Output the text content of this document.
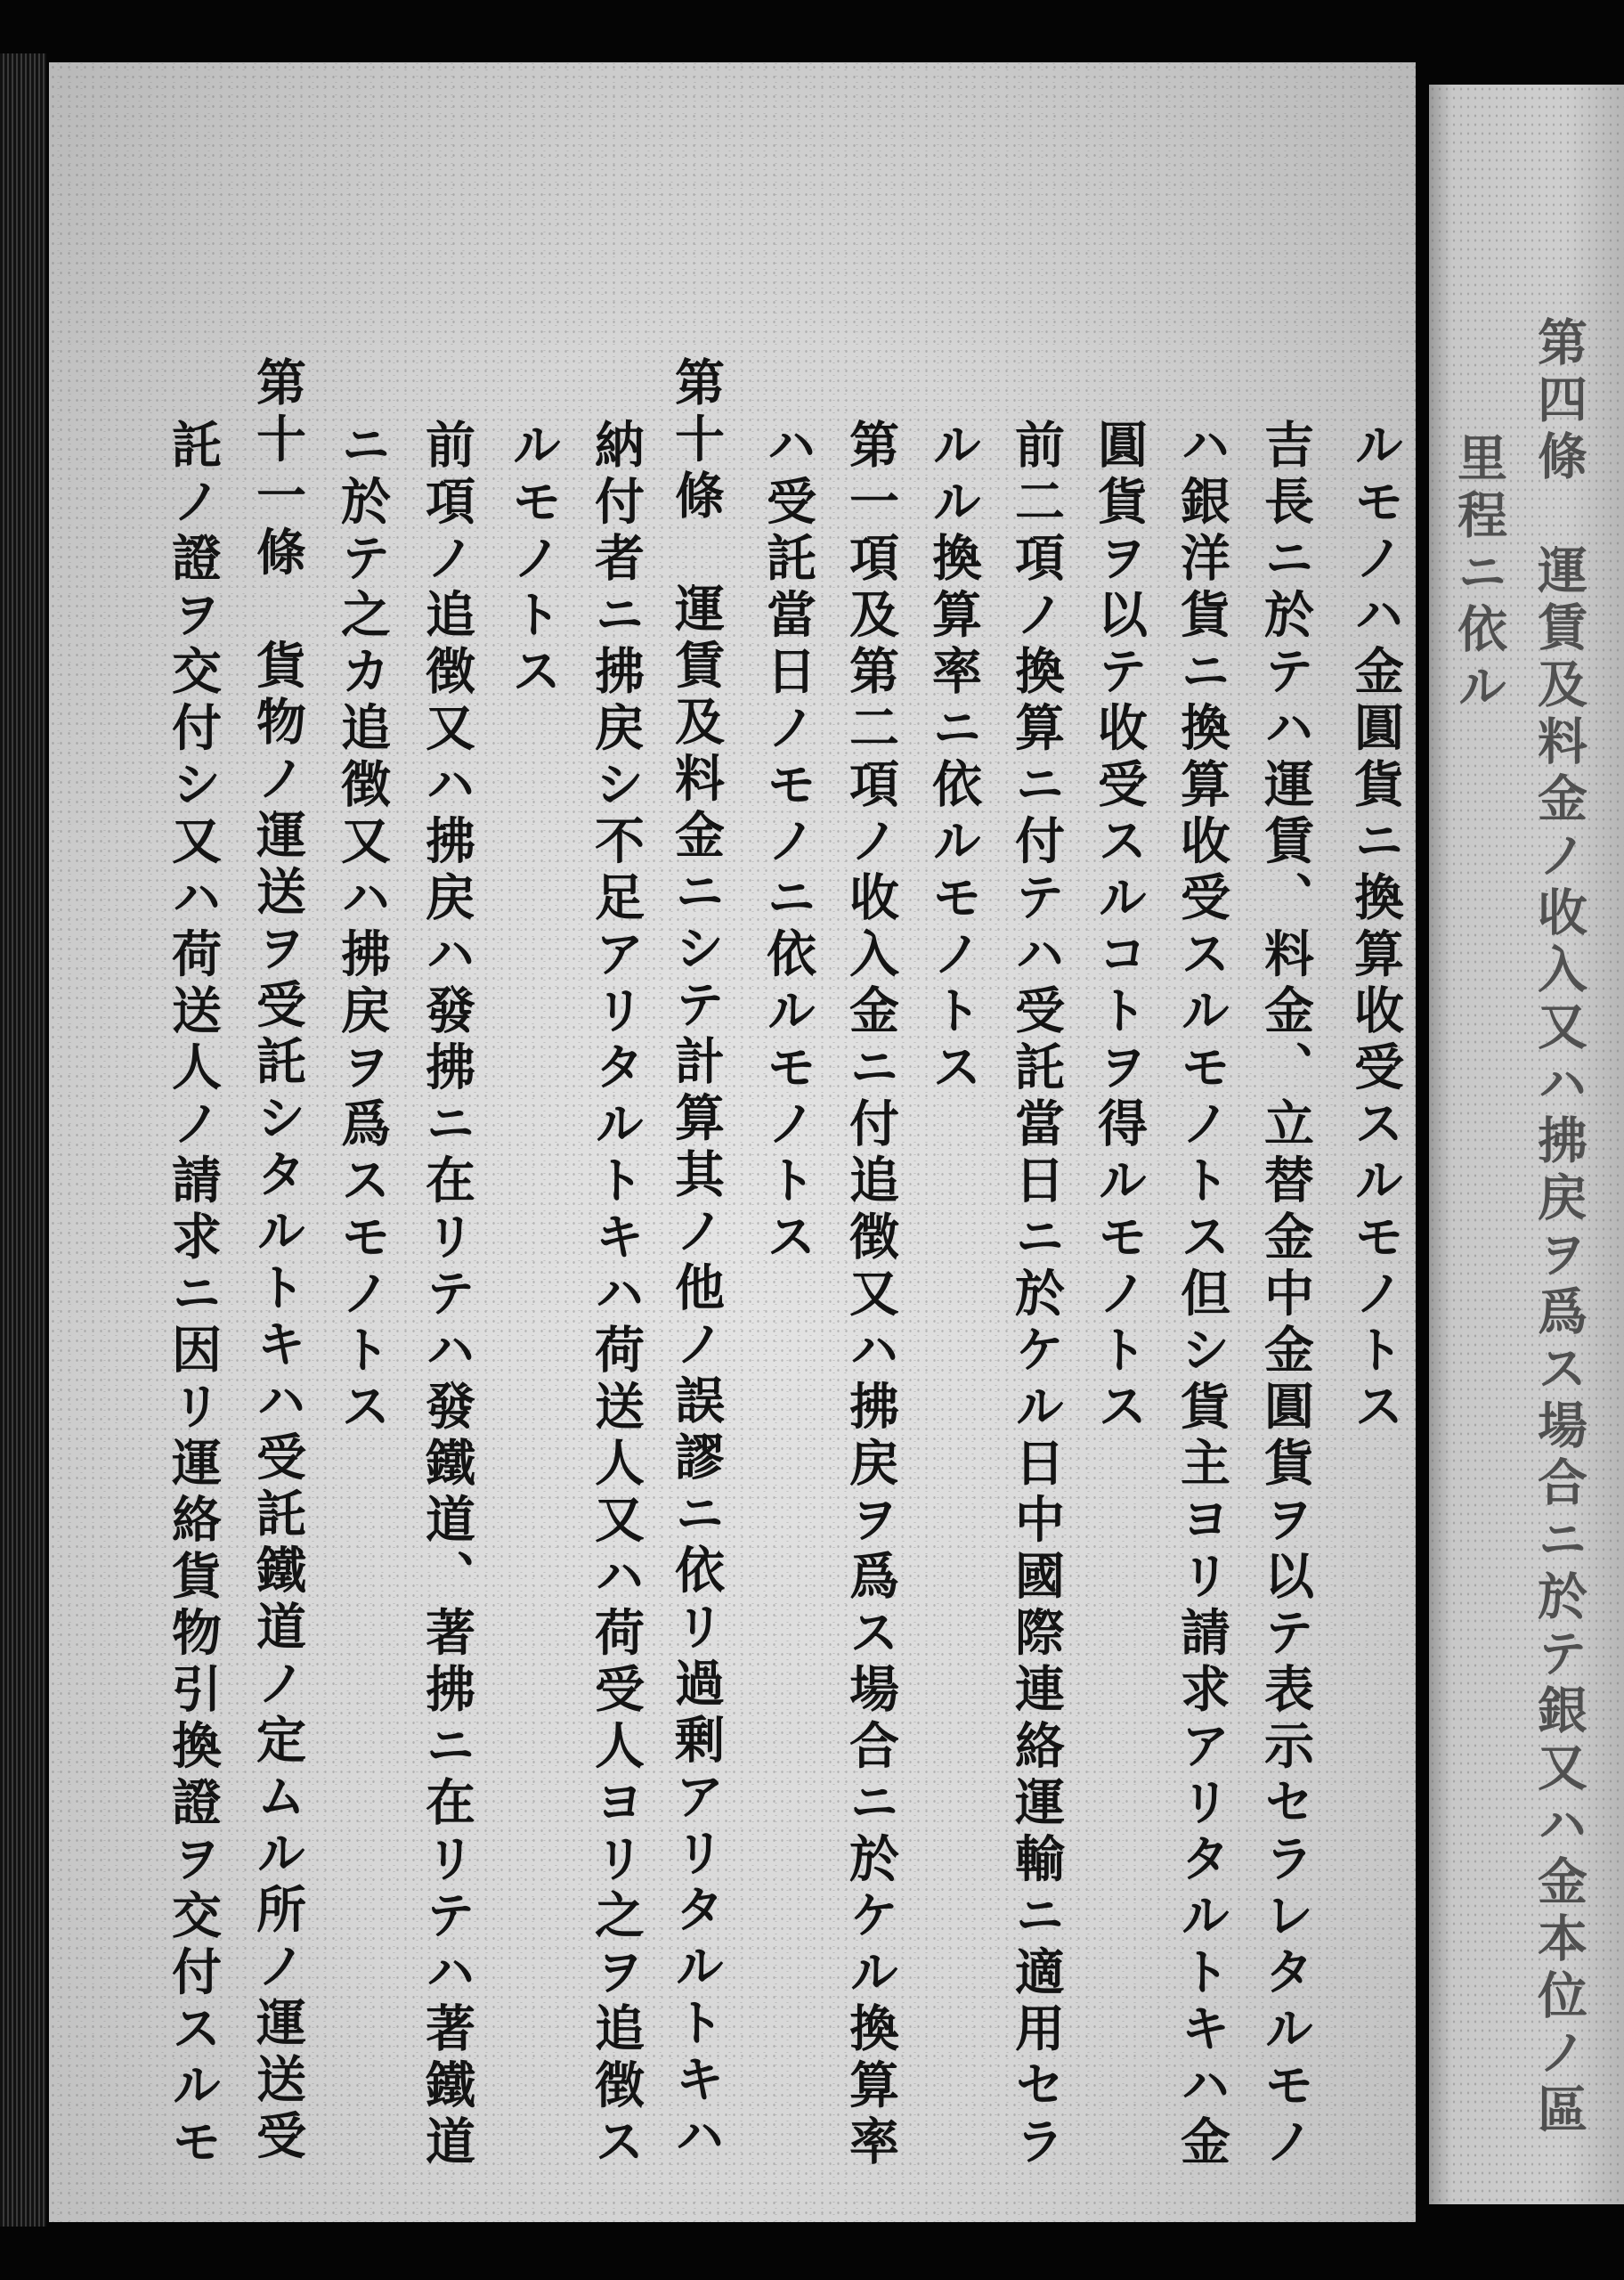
ルモノハ金圓貨ニ換算收受スルモノトス
吉長ニ於テハ運賃、料金、立替金中金圓貨ヲ以テ表示セラレタルモノ
ハ銀洋貨ニ換算收受スルモノトス但シ貨主ヨリ請求アリタルトキハ金
圓貨ヲ以テ收受スルコトヲ得ルモノトス
前二項ノ換算ニ付テハ受託當日ニ於ケル日中國際連絡運輸ニ適用セラ
ルル換算率ニ依ルモノトス
第一項及第二項ノ收入金ニ付追徴又ハ拂戻ヲ爲ス場合ニ於ケル換算率
ハ受託當日ノモノニ依ルモノトス
第十條　運賃及料金ニシテ計算其ノ他ノ誤謬ニ依リ過剰アリタルトキハ
納付者ニ拂戻シ不足アリタルトキハ荷送人又ハ荷受人ヨリ之ヲ追徴ス
ルモノトス
前項ノ追徴又ハ拂戻ハ發拂ニ在リテハ發鐵道、著拂ニ在リテハ著鐵道
ニ於テ之カ追徴又ハ拂戻ヲ爲スモノトス
第十一條　貨物ノ運送ヲ受託シタルトキハ受託鐵道ノ定ムル所ノ運送受
託ノ證ヲ交付シ又ハ荷送人ノ請求ニ因リ運絡貨物引換證ヲ交付スルモ	第四條　運賃及料金ノ收入又ハ拂戻ヲ爲ス場合ニ於テ銀又ハ金本位ノ區
里程ニ依ル
